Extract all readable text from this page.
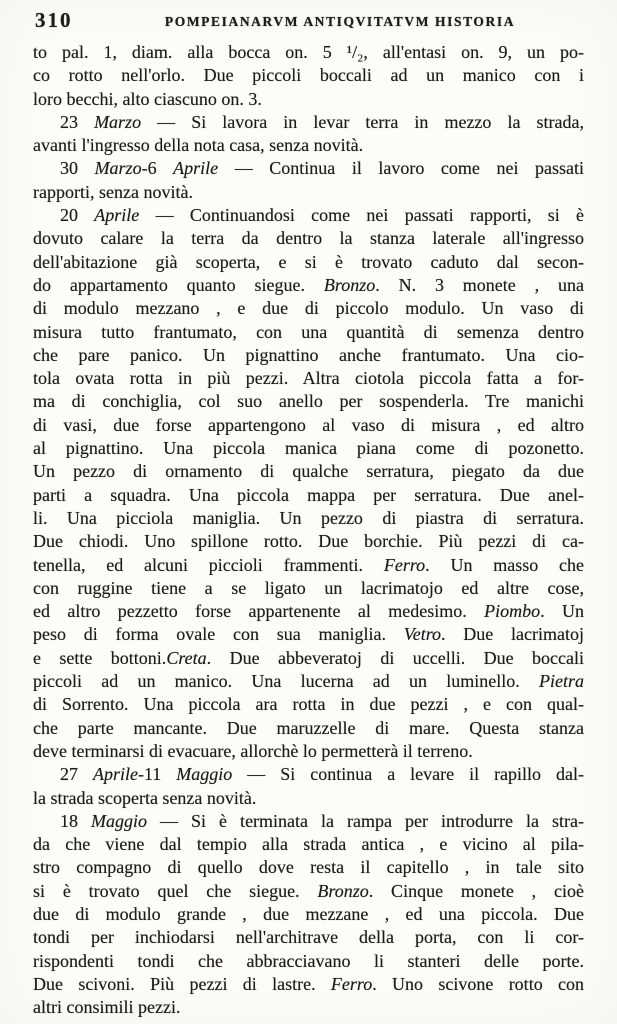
310	POMPEIANARVM ANTIQVITATVM HISTORIA
to pal. 1, diam. alla bocca on. 5 ¹/₂, all'entasi on. 9, un po-
co rotto nell'orlo. Due piccoli boccali ad un manico con i
loro becchi, alto ciascuno on. 3.
23 Marzo — Si lavora in levar terra in mezzo la strada,
avanti l'ingresso della nota casa, senza novità.
30 Marzo-6 Aprile — Continua il lavoro come nei passati
rapporti, senza novità.
20 Aprile — Continuandosi come nei passati rapporti, si è
dovuto calare la terra da dentro la stanza laterale all'ingresso
dell'abitazione già scoperta, e si è trovato caduto dal secon-
do appartamento quanto siegue. Bronzo. N. 3 monete , una
di modulo mezzano , e due di piccolo modulo. Un vaso di
misura tutto frantumato, con una quantità di semenza dentro
che pare panico. Un pignattino anche frantumato. Una cio-
tola ovata rotta in più pezzi. Altra ciotola piccola fatta a for-
ma di conchiglia, col suo anello per sospenderla. Tre manichi
di vasi, due forse appartengono al vaso di misura , ed altro
al pignattino. Una piccola manica piana come di pozonetto.
Un pezzo di ornamento di qualche serratura, piegato da due
parti a squadra. Una piccola mappa per serratura. Due anel-
li. Una picciola maniglia. Un pezzo di piastra di serratura.
Due chiodi. Uno spillone rotto. Due borchie. Più pezzi di ca-
tenella, ed alcuni piccioli frammenti. Ferro. Un masso che
con ruggine tiene a se ligato un lacrimatojo ed altre cose,
ed altro pezzetto forse appartenente al medesimo. Piombo. Un
peso di forma ovale con sua maniglia. Vetro. Due lacrimatoj
e sette bottoni.Creta. Due abbeveratoj di uccelli. Due boccali
piccoli ad un manico. Una lucerna ad un luminello. Pietra
di Sorrento. Una piccola ara rotta in due pezzi , e con qual-
che parte mancante. Due maruzzelle di mare. Questa stanza
deve terminarsi di evacuare, allorchè lo permetterà il terreno.
27 Aprile-11 Maggio — Si continua a levare il rapillo dal-
la strada scoperta senza novità.
18 Maggio — Si è terminata la rampa per introdurre la stra-
da che viene dal tempio alla strada antica , e vicino al pila-
stro compagno di quello dove resta il capitello , in tale sito
si è trovato quel che siegue. Bronzo. Cinque monete , cioè
due di modulo grande , due mezzane , ed una piccola. Due
tondi per inchiodarsi nell'architrave della porta, con li cor-
rispondenti tondi che abbracciavano li stanteri delle porte.
Due scivoni. Più pezzi di lastre. Ferro. Uno scivone rotto con
altri consimili pezzi.
